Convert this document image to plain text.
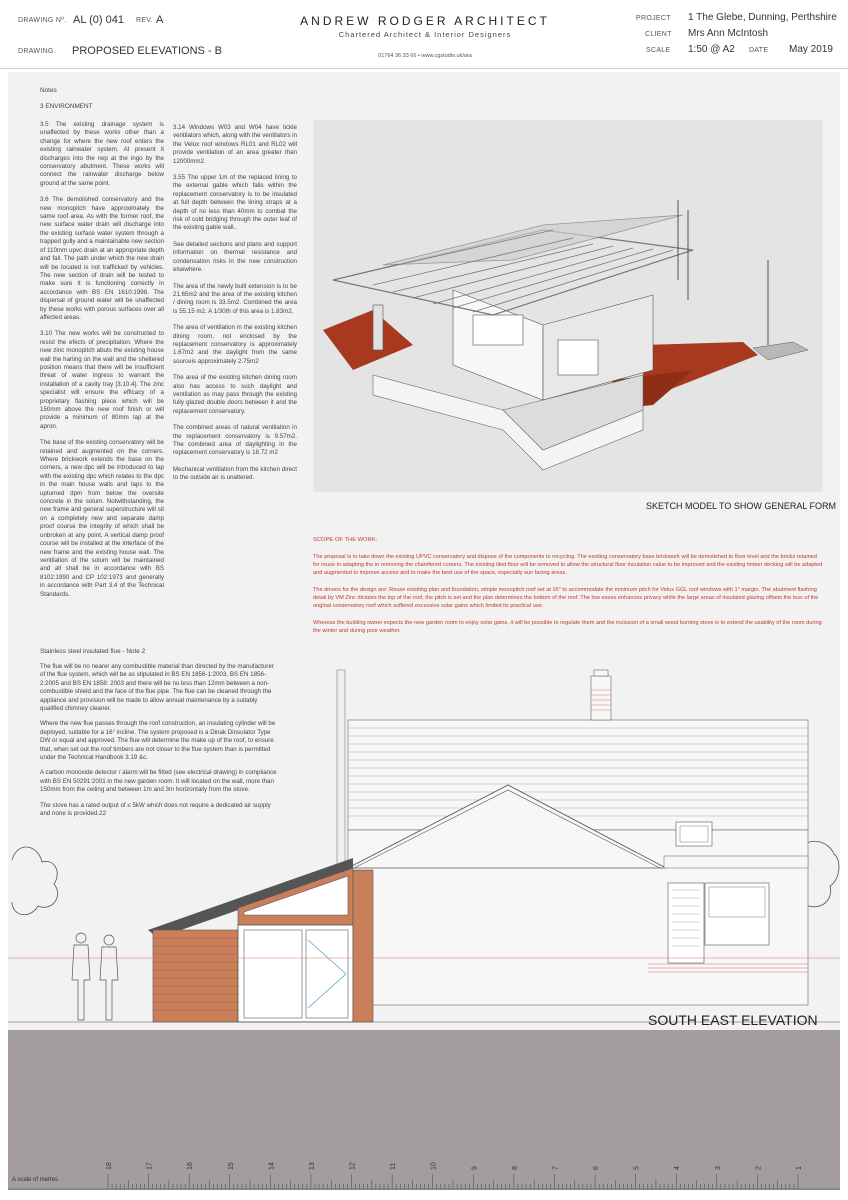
DRAWING Nº. AL (0) 041 REV. A
DRAWING. PROPOSED ELEVATIONS - B
ANDREW RODGER ARCHITECT
Chartered Architect & Interior Designers
01764 36 33 66 • www.cgstudio.uk/ara
PROJECT 1 The Glebe, Dunning, Perthshire
CLIENT Mrs Ann McIntosh
SCALE 1:50 @ A2 DATE May 2019
Notes
3 ENVIRONMENT

3.5 The existing drainage system is unaffected by these works other than a change for where the new roof enters the existing rainwater system. At present it discharges into the rwp at the ingo by the conservatory abutment. These works will connect the rainwater discharge below ground at the same point.

3.6 The demolished conservatory and the new monopitch have approximately the same roof area. As with the former roof, the new surface water drain will discharge into the existing surface water system through a trapped gully and a maintainable new section of 110mm upvc drain at an appropriate depth and fall. The path under which the new drain will be located is not trafficked by vehicles. The new section of drain will be tested to make sure it is functioning correctly in accordance with BS EN 1610:1998. The dispersal of ground water will be unaffected by these works with porous surfaces over all affected areas.

3.10 The new works will be constructed to resist the efects of precipitation. Where the new zinc monopitch abuts the existing house wall the harling on the wall and the sheltered position means that there will be insufficient threat of water ingress to warrant the installation of a cavity tray [3.10.4]. The zinc specialist will ensure the efficacy of a proprietary flashing piece which will be 150mm above the new roof finish or will provide a minimum of 80mm lap at the apron.

The base of the existing conservatory will be retained and augmented on the corners. Where brickwork extends the base on the corners, a new dpc will be introduced to lap with the existing dpc which relates to the dpc in the main house walls and laps to the upturned dpm from below the oversite concrete in the solum. Notwithstanding, the new frame and general superstructure will sit on a completely new and separate damp proof course the integrity of which shall be unbroken at any point. A vertical damp proof course will be installed at the interface of the new frame and the existing house wall. The ventilation of the solum will be maintained and all shall be in accordance with BS 8102:1990 and CP 102:1973 and generally in accordance with Part 3.4 of the Technical Standards.

3.14 Windows W03 and W04 have tickle ventilators which, along with the ventilators in the Velux roof windows RL01 and RL02 will provide ventilation of an area greater than 12000mm2.

3.55 The upper 1m of the replaced lining to the external gable which falls within the replacement conservatory is to be insulated at full depth between the lining straps at a depth of no less than 40mm to combat the risk of cold bridging through the outer leaf of the existing gable wall..

See detailed sections and plans and support information on thermal resistance and condensation risks in the new construction elsewhere.

The area of the newly built extension is to be 21.65m2 and the area of the existing kitchen / dining room is 33.5m2. Combined the area is 55.15 m2. A 1/30th of this area is 1.83m2.

The area of ventilation in the existing kitchen dining room, not enclosed by the replacement conservatory is approximately 1.67m2 and the daylight from the same sourceis approximately 2.75m2

The area of the existing kitchen dining room also has access to such daylight and ventilation as may pass through the existing fully glazed double doors between it and the replacement conservatory.

The combined areas of natural ventilation in the replacement conservatory is 9.57m2. The combined area of daylighting in the replacement conservatory is 18.72 m2

Mechanical ventilation from the kitchen direct to the outside air is unaltered.

SKETCH MODEL TO SHOW GENERAL FORM

SCOPE OF THE WORK:

The proposal is to take down the existing UPVC conservatory and dispose of the components to recycling. The exsiting conservatory base brickwork will be demolished to floor level and the bricks retained for reuse in adapting the in removing the chamfered corners. The existing tiled floor will be removed to allow the structural floor insulation value to be improved and the existing timber decking will be adapted and augmented to improve access and to make the best use of the space, especially sun facing areas.

The drivers for the design are: Reuse exisiting plan and foundation, simple monopitch roof set at 16° to accommodate the minimum pitch for Velux GGL roof windows with 1° margin. The abutment flashing detail by VM Zinc dictates the top of the roof, the pitch is set and the plan determines the bottom of the roof. The low eaves enhances privacy while the large areas of insulated glazing offsets the loss of the original conservatory roof which suffered excessive solar gains which limited its practical use.

Whereas the building owner expects the new garden room to enjoy solar gains, it will be possible to regulate them and the inclusion of a small wood burning stove is to extend the usability of the room during the winter and during poor weather.

Stainless steel insulated flue - Note 2

The flue will be no nearer any combustible material than directed by the manufacturer of the flue system, which will be as stipulated in BS EN 1856-1:2003, BS EN 1856-2:2005 and BS EN 1858: 2003 and there will be no less than 12mm between a non-combustible shield and the face of the flue pipe. The flue can be cleaned through the appliance and provision will be made to allow annual maintenance by a suitably qualified chimney cleaner.

Where the new flue passes through the roof construction, an insulating cylinder will be deployed, suitable for a 16° incline. The system proposed is a Dinak Dinsulator Type DW or equal and approved. The flue will determine the make up of the roof, to ensure that, when set out the roof timbers are not closer to the flue system than is permitted under the Technical Handbook 3.19 &c.

A carbon monoxide detector / alarm will be fitted (see electrical drawing) in compliance with BS EN 50291:2001 in the new garden room. It will located on the wall, more than 150mm from the ceiling and between 1m and 3m horizontally from the stove.

The stove has a rated output of ≤ 5kW which does not require a dedicated air supply and none is provided.22

SOUTH EAST ELEVATION
18	17	16	15	14	13	12	11	10	9	8	7	6	5	4	3	2	1
A scale of metres
